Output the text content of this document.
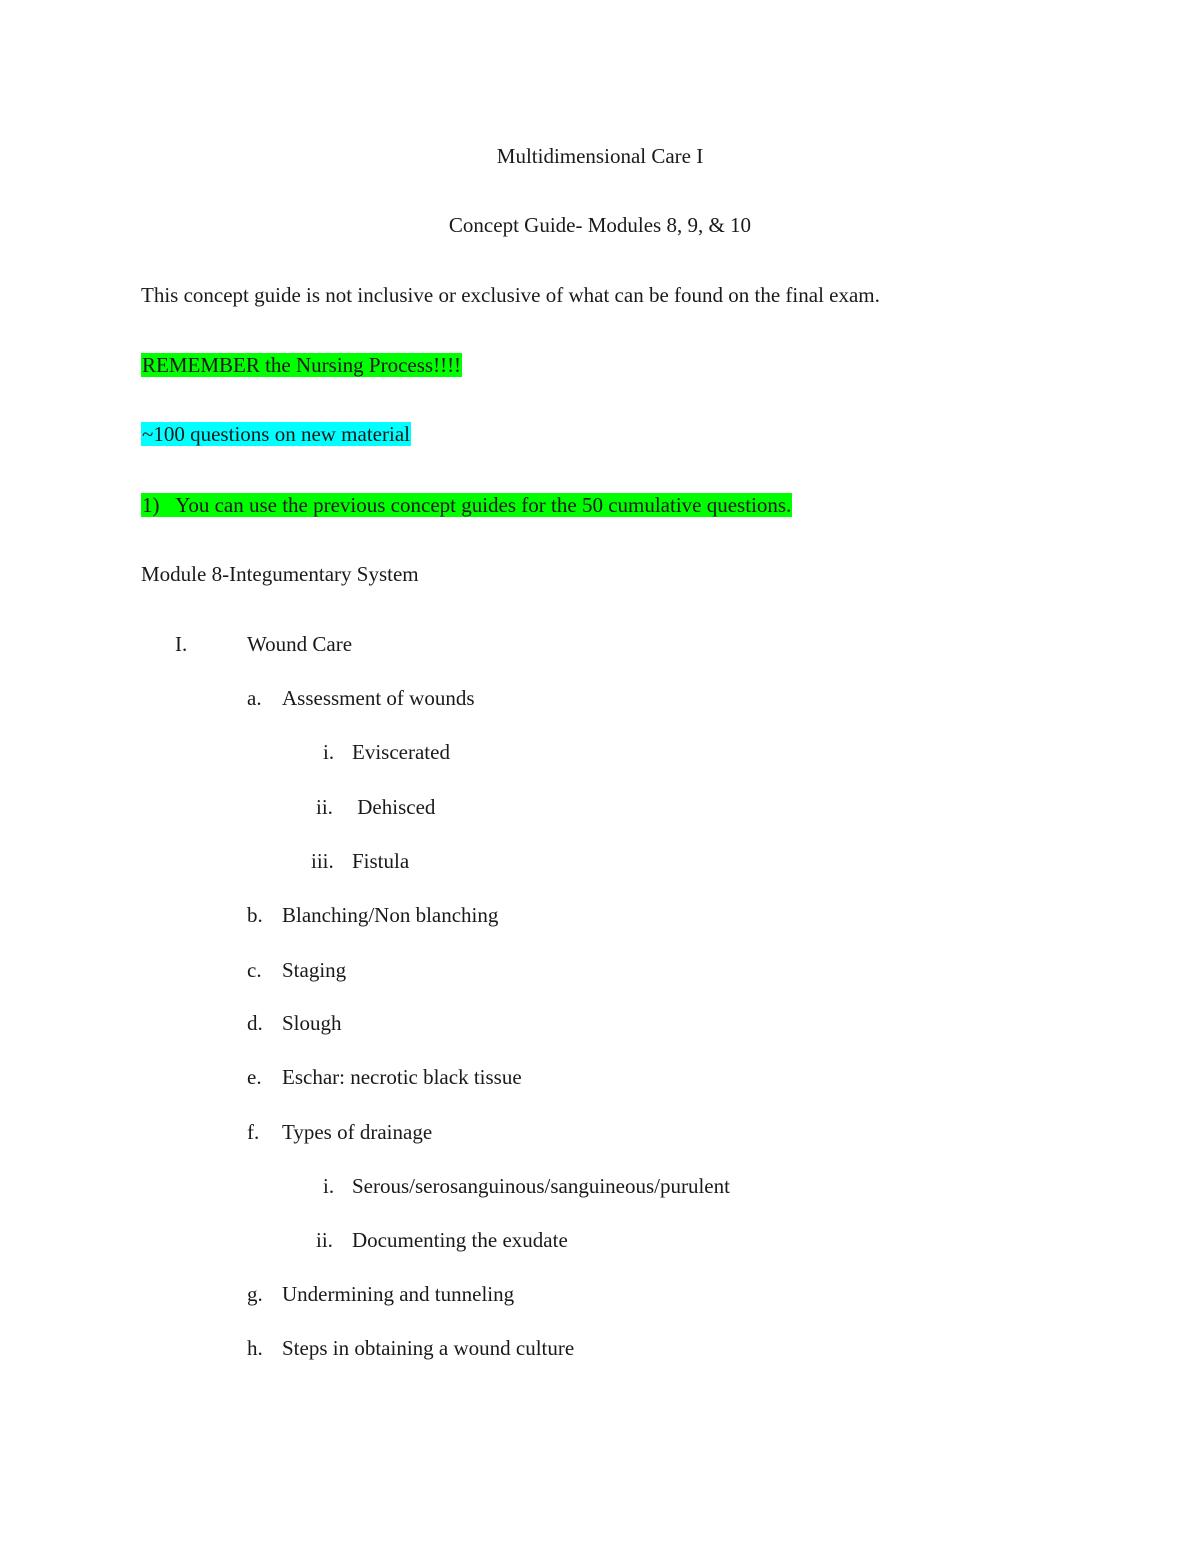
Multidimensional Care I
Concept Guide- Modules 8, 9, & 10
This concept guide is not inclusive or exclusive of what can be found on the final exam.
REMEMBER the Nursing Process!!!!
~100 questions on new material
1) You can use the previous concept guides for the 50 cumulative questions.
Module 8-Integumentary System
I.	Wound Care
a. Assessment of wounds
i. Eviscerated
ii. Dehisced
iii. Fistula
b. Blanching/Non blanching
c. Staging
d. Slough
e. Eschar: necrotic black tissue
f. Types of drainage
i. Serous/serosanguinous/sanguineous/purulent
ii. Documenting the exudate
g. Undermining and tunneling
h. Steps in obtaining a wound culture
